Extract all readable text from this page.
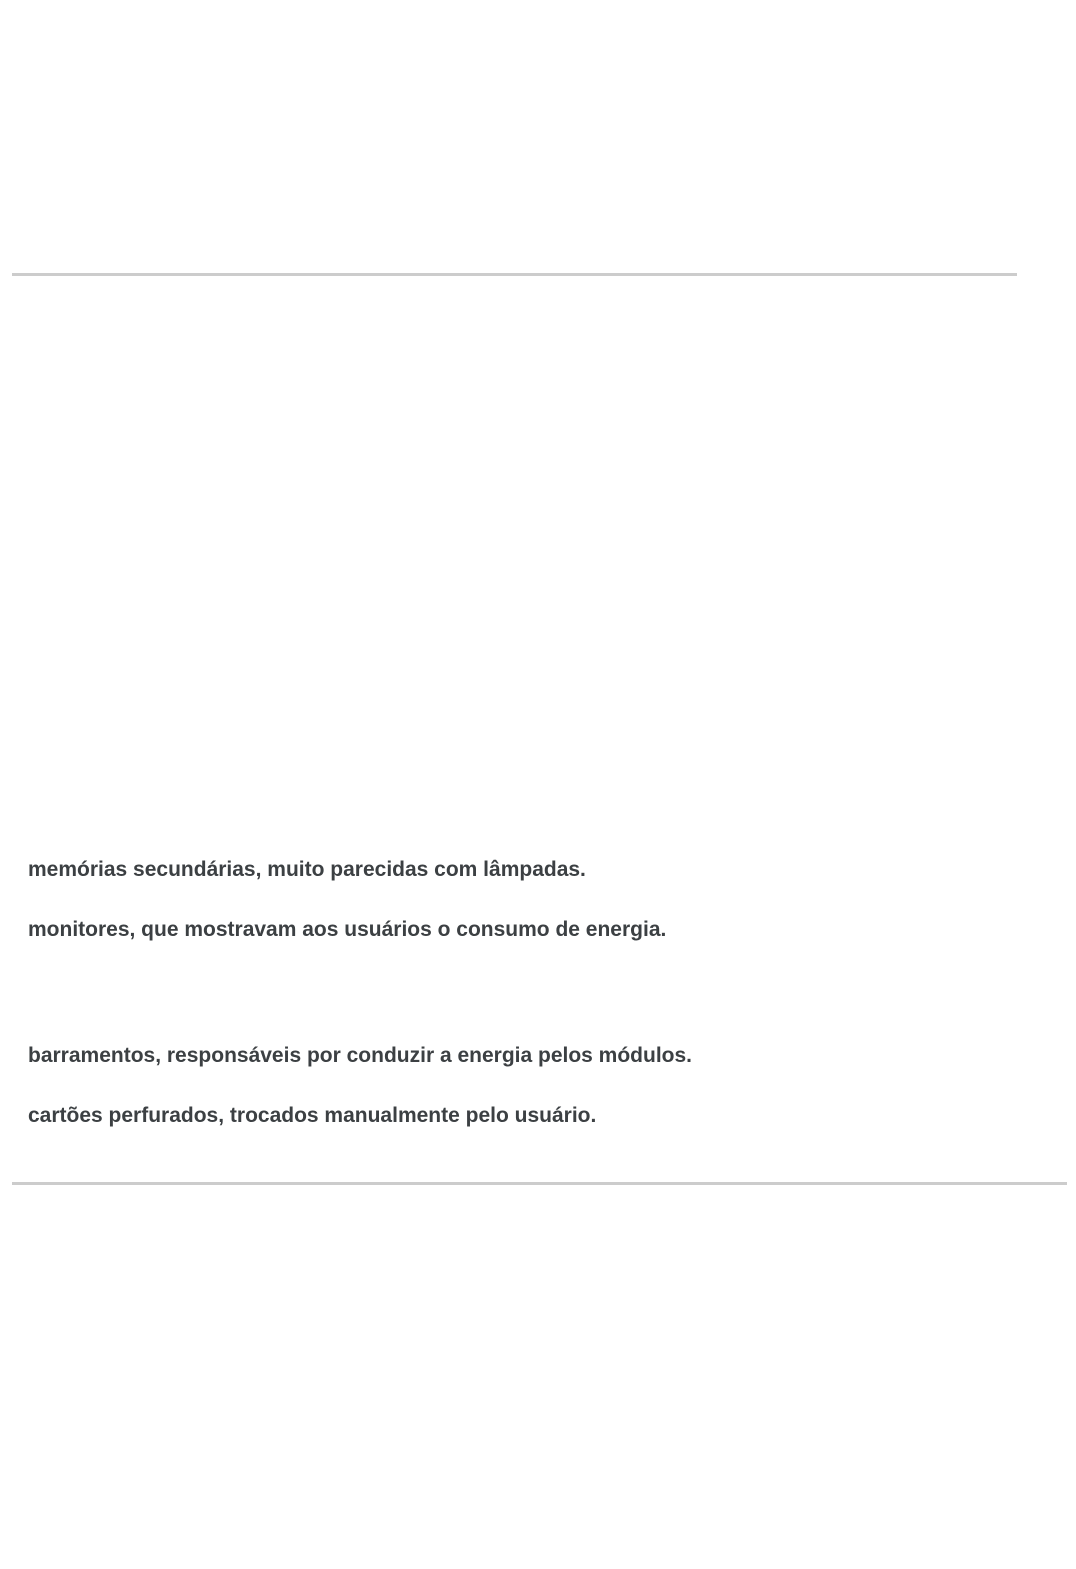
memórias secundárias, muito parecidas com lâmpadas.
monitores, que mostravam aos usuários o consumo de energia.
barramentos, responsáveis por conduzir a energia pelos módulos.
cartões perfurados, trocados manualmente pelo usuário.
